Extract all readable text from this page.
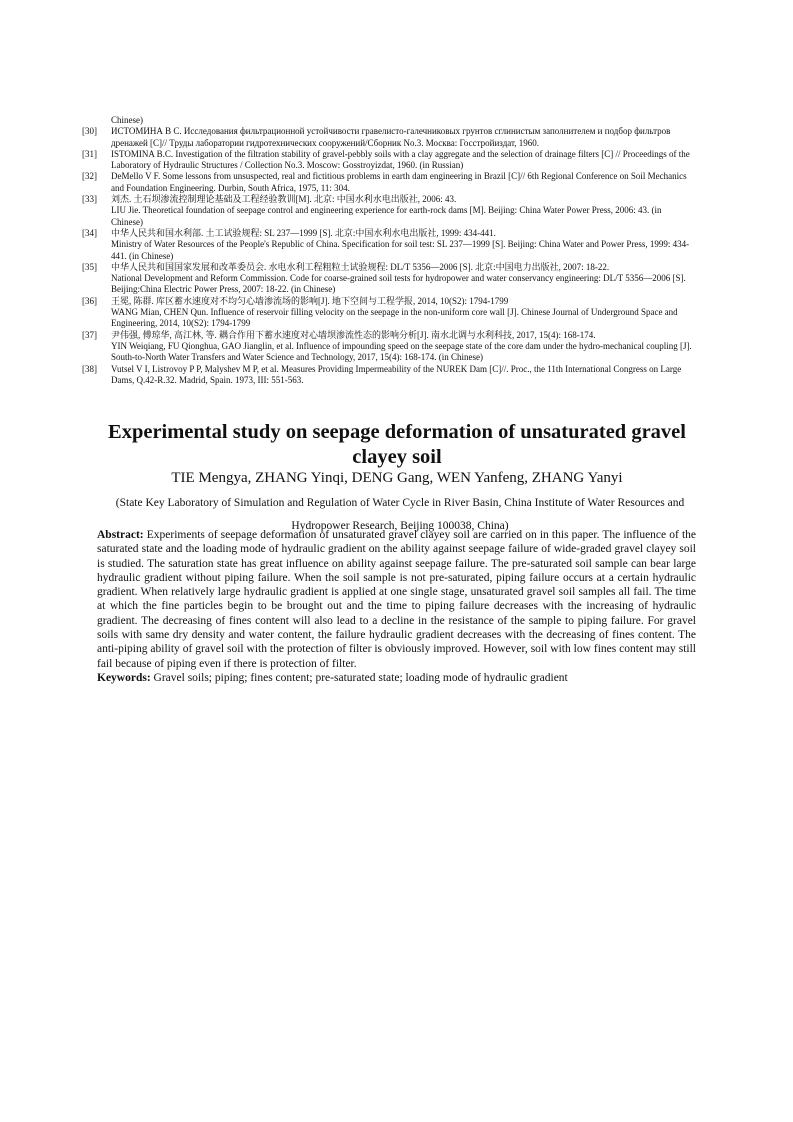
Chinese)
[30]	ИСТОМИНА В С. Исследования фильтрационной устойчивости гравелисто-галечниковых грунтов сглинистым заполнителем и подбор фильтров дренажей [C]// Труды лаборатории гидротехнических сооружений/Сборник No.3. Москва: Госстройиздат, 1960.
[31]	ISTOMINA B.C. Investigation of the filtration stability of gravel-pebbly soils with a clay aggregate and the selection of drainage filters [C] // Proceedings of the Laboratory of Hydraulic Structures / Collection No.3. Moscow: Gosstroyizdat, 1960. (in Russian)
[32]	DeMello V F. Some lessons from unsuspected, real and fictitious problems in earth dam engineering in Brazil [C]// 6th Regional Conference on Soil Mechanics and Foundation Engineering. Durbin, South Africa, 1975, 11: 304.
[33]	刘杰. 土石坝渗流控制理论基础及工程经验教训[M]. 北京: 中国水利水电出版社, 2006: 43.
LIU Jie. Theoretical foundation of seepage control and engineering experience for earth-rock dams [M]. Beijing: China Water Power Press, 2006: 43. (in Chinese)
[34]	中华人民共和国水利部. 土工试验规程: SL 237—1999 [S]. 北京:中国水利水电出版社, 1999: 434-441.
Ministry of Water Resources of the People's Republic of China. Specification for soil test: SL 237—1999 [S]. Beijing: China Water and Power Press, 1999: 434-441. (in Chinese)
[35]	中华人民共和国国家发展和改革委员会. 水电水利工程粗粒土试验规程: DL/T 5356—2006 [S]. 北京:中国电力出版社, 2007: 18-22.
National Development and Reform Commission. Code for coarse-grained soil tests for hydropower and water conservancy engineering: DL/T 5356—2006 [S]. Beijing:China Electric Power Press, 2007: 18-22. (in Chinese)
[36]	王冕, 陈群. 库区蓄水速度对不均匀心墙渗流场的影响[J]. 地下空间与工程学报, 2014, 10(S2): 1794-1799
WANG Mian, CHEN Qun. Influence of reservoir filling velocity on the seepage in the non-uniform core wall [J]. Chinese Journal of Underground Space and Engineering, 2014, 10(S2): 1794-1799
[37]	尹伟强, 傅琼华, 高江林, 等. 耦合作用下蓄水速度对心墙坝渗流性态的影响分析[J]. 南水北调与水利科技, 2017, 15(4): 168-174.
YIN Weiqiang, FU Qionghua, GAO Jianglin, et al. Influence of impounding speed on the seepage state of the core dam under the hydro-mechanical coupling [J]. South-to-North Water Transfers and Water Science and Technology, 2017, 15(4): 168-174. (in Chinese)
[38]	Vutsel V I, Listrovoy P P, Malyshev M P, et al. Measures Providing Impermeability of the NUREK Dam [C]//. Proc., the 11th International Congress on Large Dams, Q.42-R.32. Madrid, Spain. 1973, III: 551-563.
Experimental study on seepage deformation of unsaturated gravel clayey soil
TIE Mengya, ZHANG Yinqi, DENG Gang, WEN Yanfeng, ZHANG Yanyi
(State Key Laboratory of Simulation and Regulation of Water Cycle in River Basin, China Institute of Water Resources and Hydropower Research, Beijing 100038, China)
Abstract: Experiments of seepage deformation of unsaturated gravel clayey soil are carried on in this paper. The influence of the saturated state and the loading mode of hydraulic gradient on the ability against seepage failure of wide-graded gravel clayey soil is studied. The saturation state has great influence on ability against seepage failure. The pre-saturated soil sample can bear large hydraulic gradient without piping failure. When the soil sample is not pre-saturated, piping failure occurs at a certain hydraulic gradient. When relatively large hydraulic gradient is applied at one single stage, unsaturated gravel soil samples all fail. The time at which the fine particles begin to be brought out and the time to piping failure decreases with the increasing of hydraulic gradient. The decreasing of fines content will also lead to a decline in the resistance of the sample to piping failure. For gravel soils with same dry density and water content, the failure hydraulic gradient decreases with the decreasing of fines content. The anti-piping ability of gravel soil with the protection of filter is obviously improved. However, soil with low fines content may still fail because of piping even if there is protection of filter.
Keywords: Gravel soils; piping; fines content; pre-saturated state; loading mode of hydraulic gradient
